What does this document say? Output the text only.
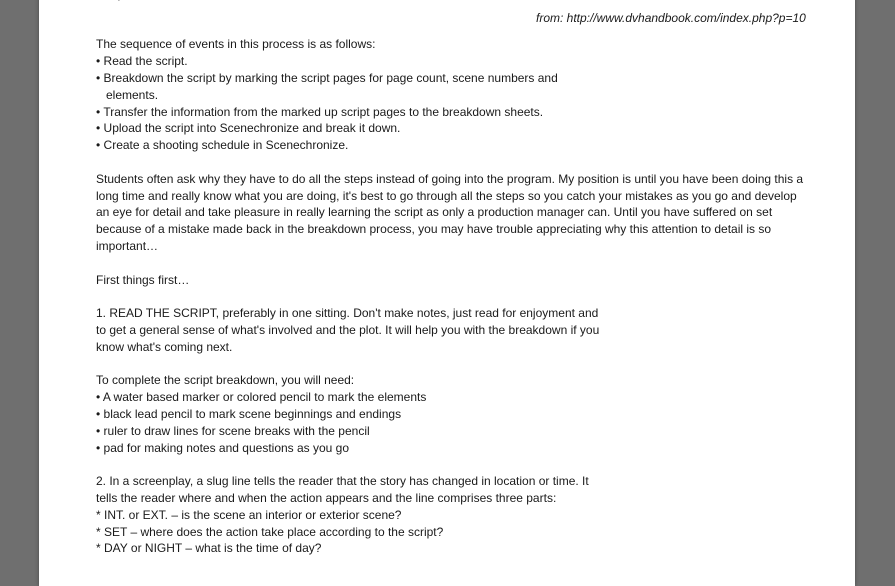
from: http://www.dvhandbook.com/index.php?p=10
The sequence of events in this process is as follows:
• Read the script.
• Breakdown the script by marking the script pages for page count, scene numbers and
elements.
• Transfer the information from the marked up script pages to the breakdown sheets.
• Upload the script into Scenechronize and break it down.
• Create a shooting schedule in Scenechronize.
Students often ask why they have to do all the steps instead of going into the program. My position is until you have been doing this a
long time and really know what you are doing, it's best to go through all the steps so you catch your mistakes as you go and develop
an eye for detail and take pleasure in really learning the script as only a production manager can. Until you have suffered on set
because of a mistake made back in the breakdown process, you may have trouble appreciating why this attention to detail is so
important…
First things first…
1. READ THE SCRIPT, preferably in one sitting. Don't make notes, just read for enjoyment and
to get a general sense of what's involved and the plot. It will help you with the breakdown if you
know what's coming next.
To complete the script breakdown, you will need:
• A water based marker or colored pencil to mark the elements
• black lead pencil to mark scene beginnings and endings
• ruler to draw lines for scene breaks with the pencil
• pad for making notes and questions as you go
2. In a screenplay, a slug line tells the reader that the story has changed in location or time. It
tells the reader where and when the action appears and the line comprises three parts:
* INT. or EXT. – is the scene an interior or exterior scene?
* SET – where does the action take place according to the script?
* DAY or NIGHT – what is the time of day?
